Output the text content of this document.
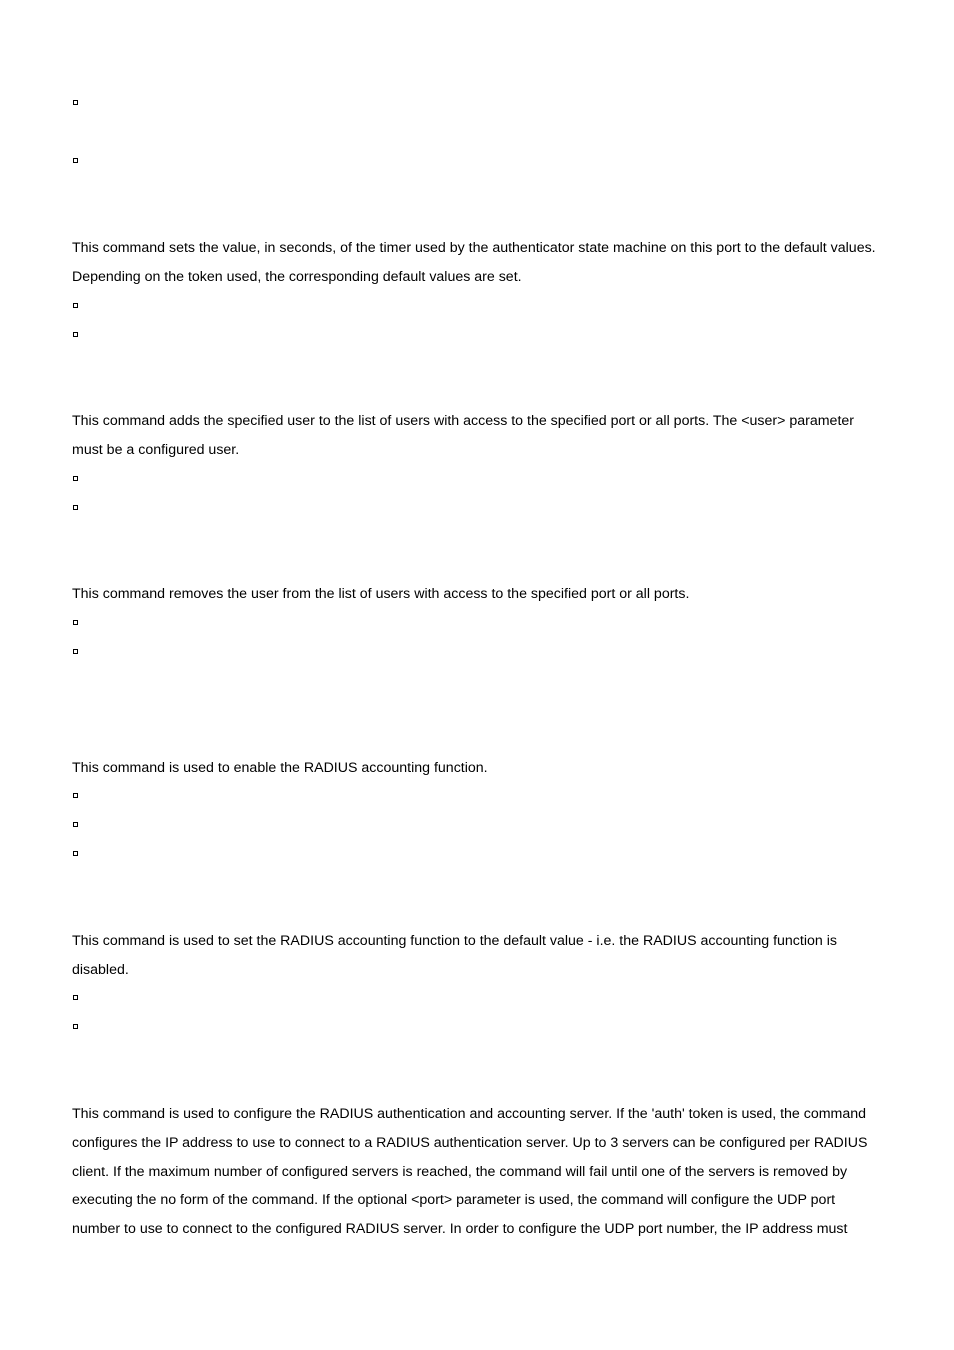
This command sets the value, in seconds, of the timer used by the authenticator state machine on this port to the default values. Depending on the token used, the corresponding default values are set.

This command adds the specified user to the list of users with access to the specified port or all ports. The <user> parameter must be a configured user.

This command removes the user from the list of users with access to the specified port or all ports.

This command is used to enable the RADIUS accounting function.

This command is used to set the RADIUS accounting function to the default value - i.e. the RADIUS accounting function is disabled.

This command is used to configure the RADIUS authentication and accounting server. If the 'auth' token is used, the command configures the IP address to use to connect to a RADIUS authentication server. Up to 3 servers can be configured per RADIUS client. If the maximum number of configured servers is reached, the command will fail until one of the servers is removed by executing the no form of the command. If the optional <port> parameter is used, the command will configure the UDP port number to use to connect to the configured RADIUS server. In order to configure the UDP port number, the IP address must
